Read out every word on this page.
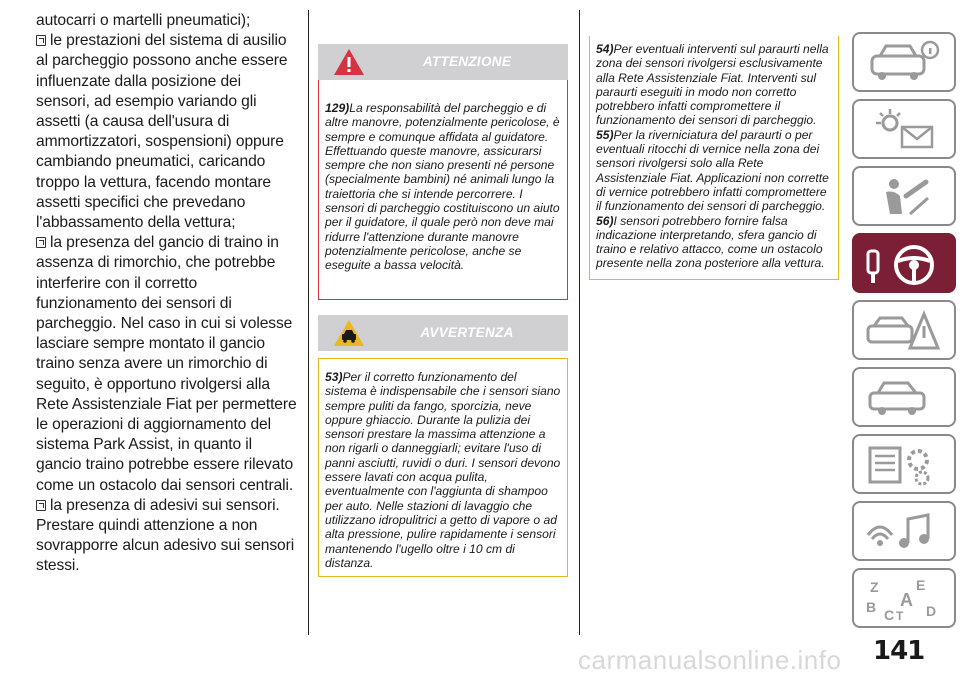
autocarri o martelli pneumatici);

le prestazioni del sistema di ausilio al parcheggio possono anche essere influenzate dalla posizione dei sensori, ad esempio variando gli assetti (a causa dell'usura di ammortizzatori, sospensioni) oppure cambiando pneumatici, caricando troppo la vettura, facendo montare assetti specifici che prevedano l'abbassamento della vettura;

la presenza del gancio di traino in assenza di rimorchio, che potrebbe interferire con il corretto funzionamento dei sensori di parcheggio. Nel caso in cui si volesse lasciare sempre montato il gancio traino senza avere un rimorchio di seguito, è opportuno rivolgersi alla Rete Assistenziale Fiat per permettere le operazioni di aggiornamento del sistema Park Assist, in quanto il gancio traino potrebbe essere rilevato come un ostacolo dai sensori centrali.

la presenza di adesivi sui sensori.

Prestare quindi attenzione a non sovrapporre alcun adesivo sui sensori stessi.

ATTENZIONE

129)La responsabilità del parcheggio e di altre manovre, potenzialmente pericolose, è sempre e comunque affidata al guidatore. Effettuando queste manovre, assicurarsi sempre che non siano presenti né persone (specialmente bambini) né animali lungo la traiettoria che si intende percorrere. I sensori di parcheggio costituiscono un aiuto per il guidatore, il quale però non deve mai ridurre l'attenzione durante manovre potenzialmente pericolose, anche se eseguite a bassa velocità.

AVVERTENZA

53)Per il corretto funzionamento del sistema è indispensabile che i sensori siano sempre puliti da fango, sporcizia, neve oppure ghiaccio. Durante la pulizia dei sensori prestare la massima attenzione a non rigarli o danneggiarli; evitare l'uso di panni asciutti, ruvidi o duri. I sensori devono essere lavati con acqua pulita, eventualmente con l'aggiunta di shampoo per auto. Nelle stazioni di lavaggio che utilizzano idropulitrici a getto di vapore o ad alta pressione, pulire rapidamente i sensori mantenendo l'ugello oltre i 10 cm di distanza.

54)Per eventuali interventi sul paraurti nella zona dei sensori rivolgersi esclusivamente alla Rete Assistenziale Fiat. Interventi sul paraurti eseguiti in modo non corretto potrebbero infatti compromettere il funzionamento dei sensori di parcheggio.

55)Per la riverniciatura del paraurti o per eventuali ritocchi di vernice nella zona dei sensori rivolgersi solo alla Rete Assistenziale Fiat. Applicazioni non corrette di vernice potrebbero infatti compromettere il funzionamento dei sensori di parcheggio.

56)I sensori potrebbero fornire falsa indicazione interpretando, sfera gancio di traino e relativo attacco, come un ostacolo presente nella zona posteriore alla vettura.

Z	E
A
B C D
T
carmanualsonline.info 141
